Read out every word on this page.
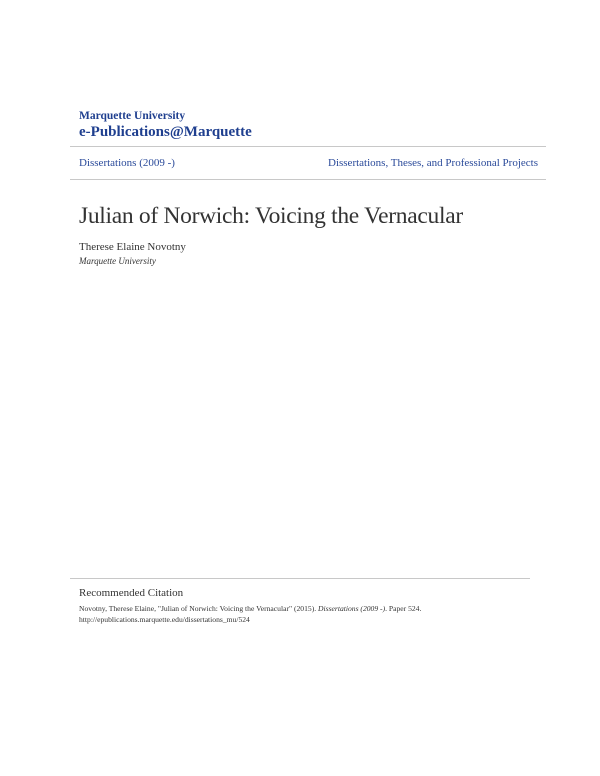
Marquette University
e-Publications@Marquette
Dissertations (2009 -)	Dissertations, Theses, and Professional Projects
Julian of Norwich: Voicing the Vernacular
Therese Elaine Novotny
Marquette University
Recommended Citation
Novotny, Therese Elaine, "Julian of Norwich: Voicing the Vernacular" (2015). Dissertations (2009 -). Paper 524.
http://epublications.marquette.edu/dissertations_mu/524
